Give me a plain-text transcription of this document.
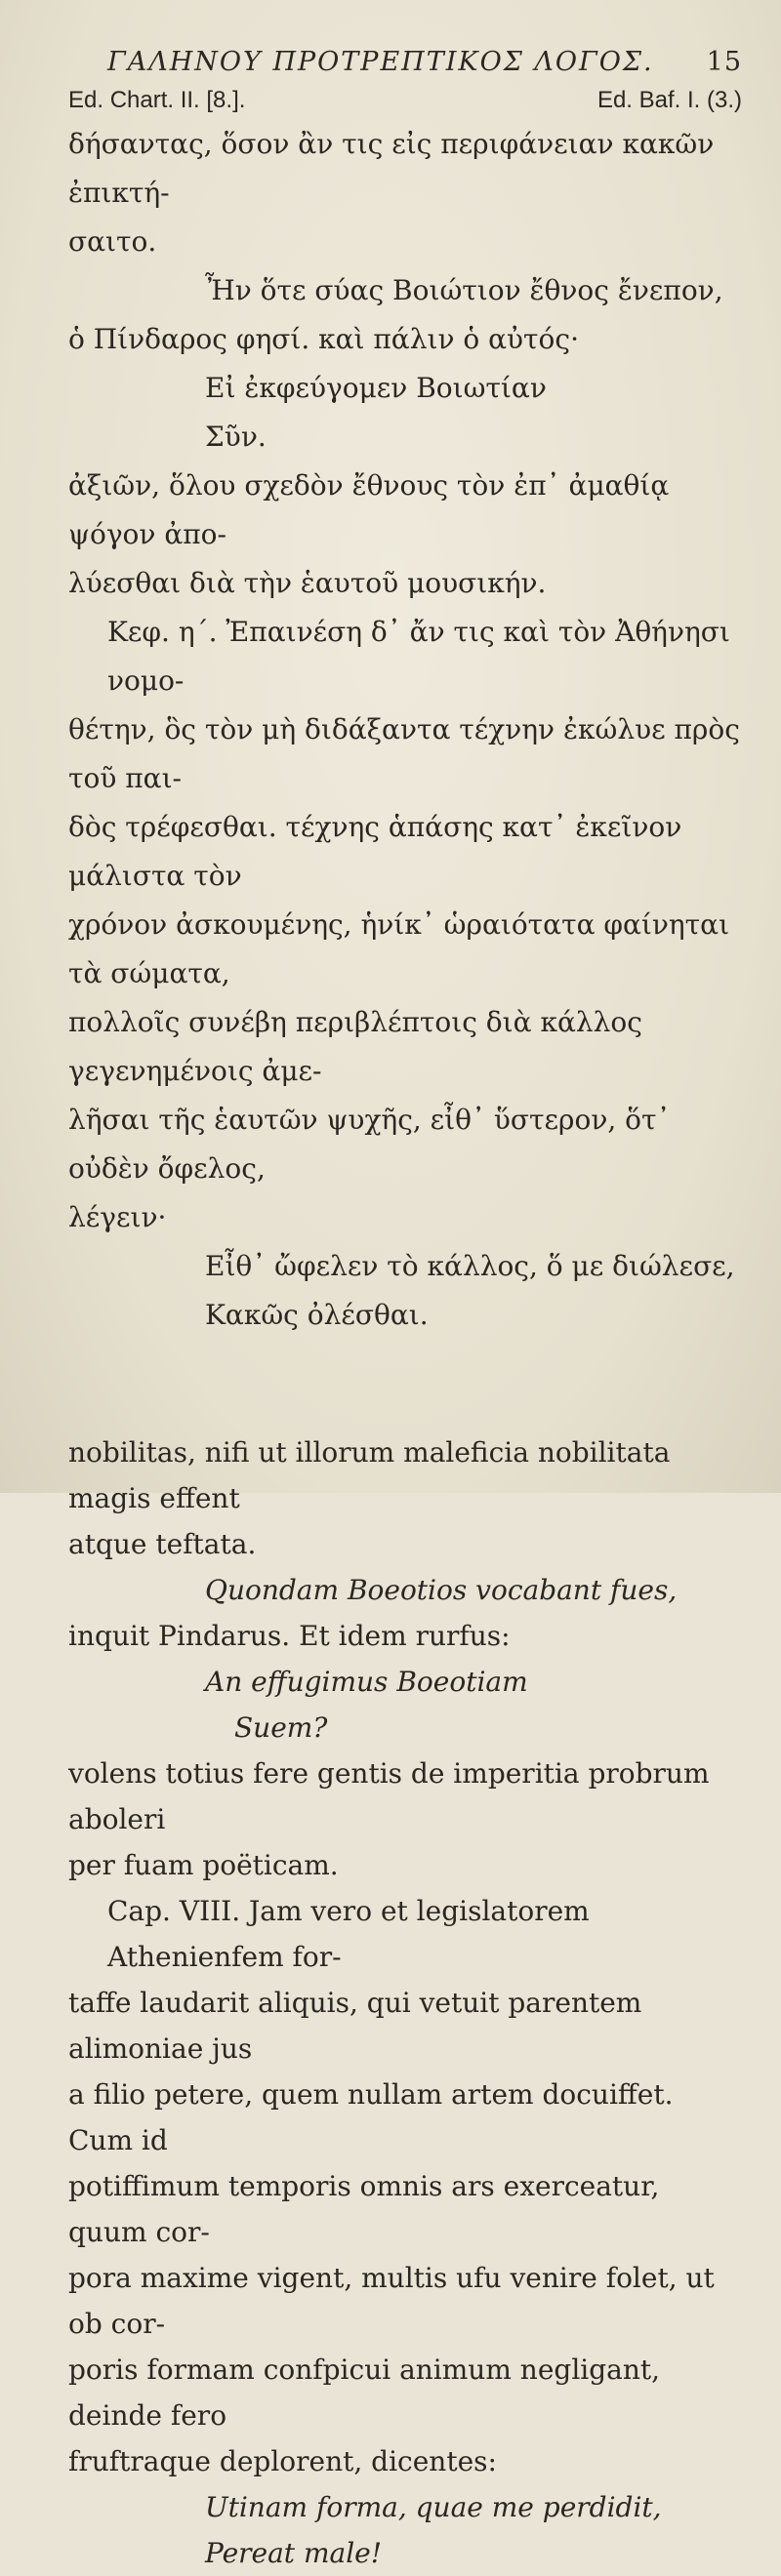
ΓΑΛΗΝΟΥ ΠΡΟΤΡΕΠΤΙΚΟΣ ΛΟΓΟΣ. 15
Ed. Chart. II. [8.].	Ed. Baf. I. (3.)

δήσαντας, ὅσον ἂν τις εἰς περιφάνειαν κακῶν ἐπικτή-

σαιτο.

Ἦν ὅτε σύας Βοιώτιον ἔθνος ἔνεπον,

ὁ Πίνδαρος φησί. καὶ πάλιν ὁ αὐτός·

Εἰ ἐκφεύγομεν Βοιωτίαν

Σῦν.

ἀξιῶν, ὅλου σχεδὸν ἔθνους τὸν ἐπ᾽ ἀμαθίᾳ ψόγον ἀπο-

λύεσθαι διὰ τὴν ἑαυτοῦ μουσικήν.

Κεφ. η΄. Ἐπαινέση δ᾽ ἄν τις καὶ τὸν Ἀθήνησι νομο-

θέτην, ὃς τὸν μὴ διδάξαντα τέχνην ἐκώλυε πρὸς τοῦ παι-

δὸς τρέφεσθαι. τέχνης ἁπάσης κατ᾽ ἐκεῖνον μάλιστα τὸν

χρόνον ἀσκουμένης, ἡνίκ᾽ ὡραιότατα φαίνηται τὰ σώματα,

πολλοῖς συνέβη περιβλέπτοις διὰ κάλλος γεγενημένοις ἀμε-

λῆσαι τῆς ἑαυτῶν ψυχῆς, εἶθ᾽ ὕστερον, ὅτ᾽ οὐδὲν ὄφελος,

λέγειν·

Εἶθ᾽ ὤφελεν τὸ κάλλος, ὅ με διώλεσε,

Κακῶς ὀλέσθαι.

nobilitas, nifi ut illorum maleficia nobilitata magis effent

atque teftata.

Quondam Boeotios vocabant fues,

inquit Pindarus. Et idem rurfus:

An effugimus Boeotiam

Suem?

volens totius fere gentis de imperitia probrum aboleri

per fuam poëticam.

Cap. VIII. Jam vero et legislatorem Athenienfem for-

taffe laudarit aliquis, qui vetuit parentem alimoniae jus

a filio petere, quem nullam artem docuiffet. Cum id

potiffimum temporis omnis ars exerceatur, quum cor-

pora maxime vigent, multis ufu venire folet, ut ob cor-

poris formam confpicui animum negligant, deinde fero

fruftraque deplorent, dicentes:

Utinam forma, quae me perdidit,

Pereat male!
